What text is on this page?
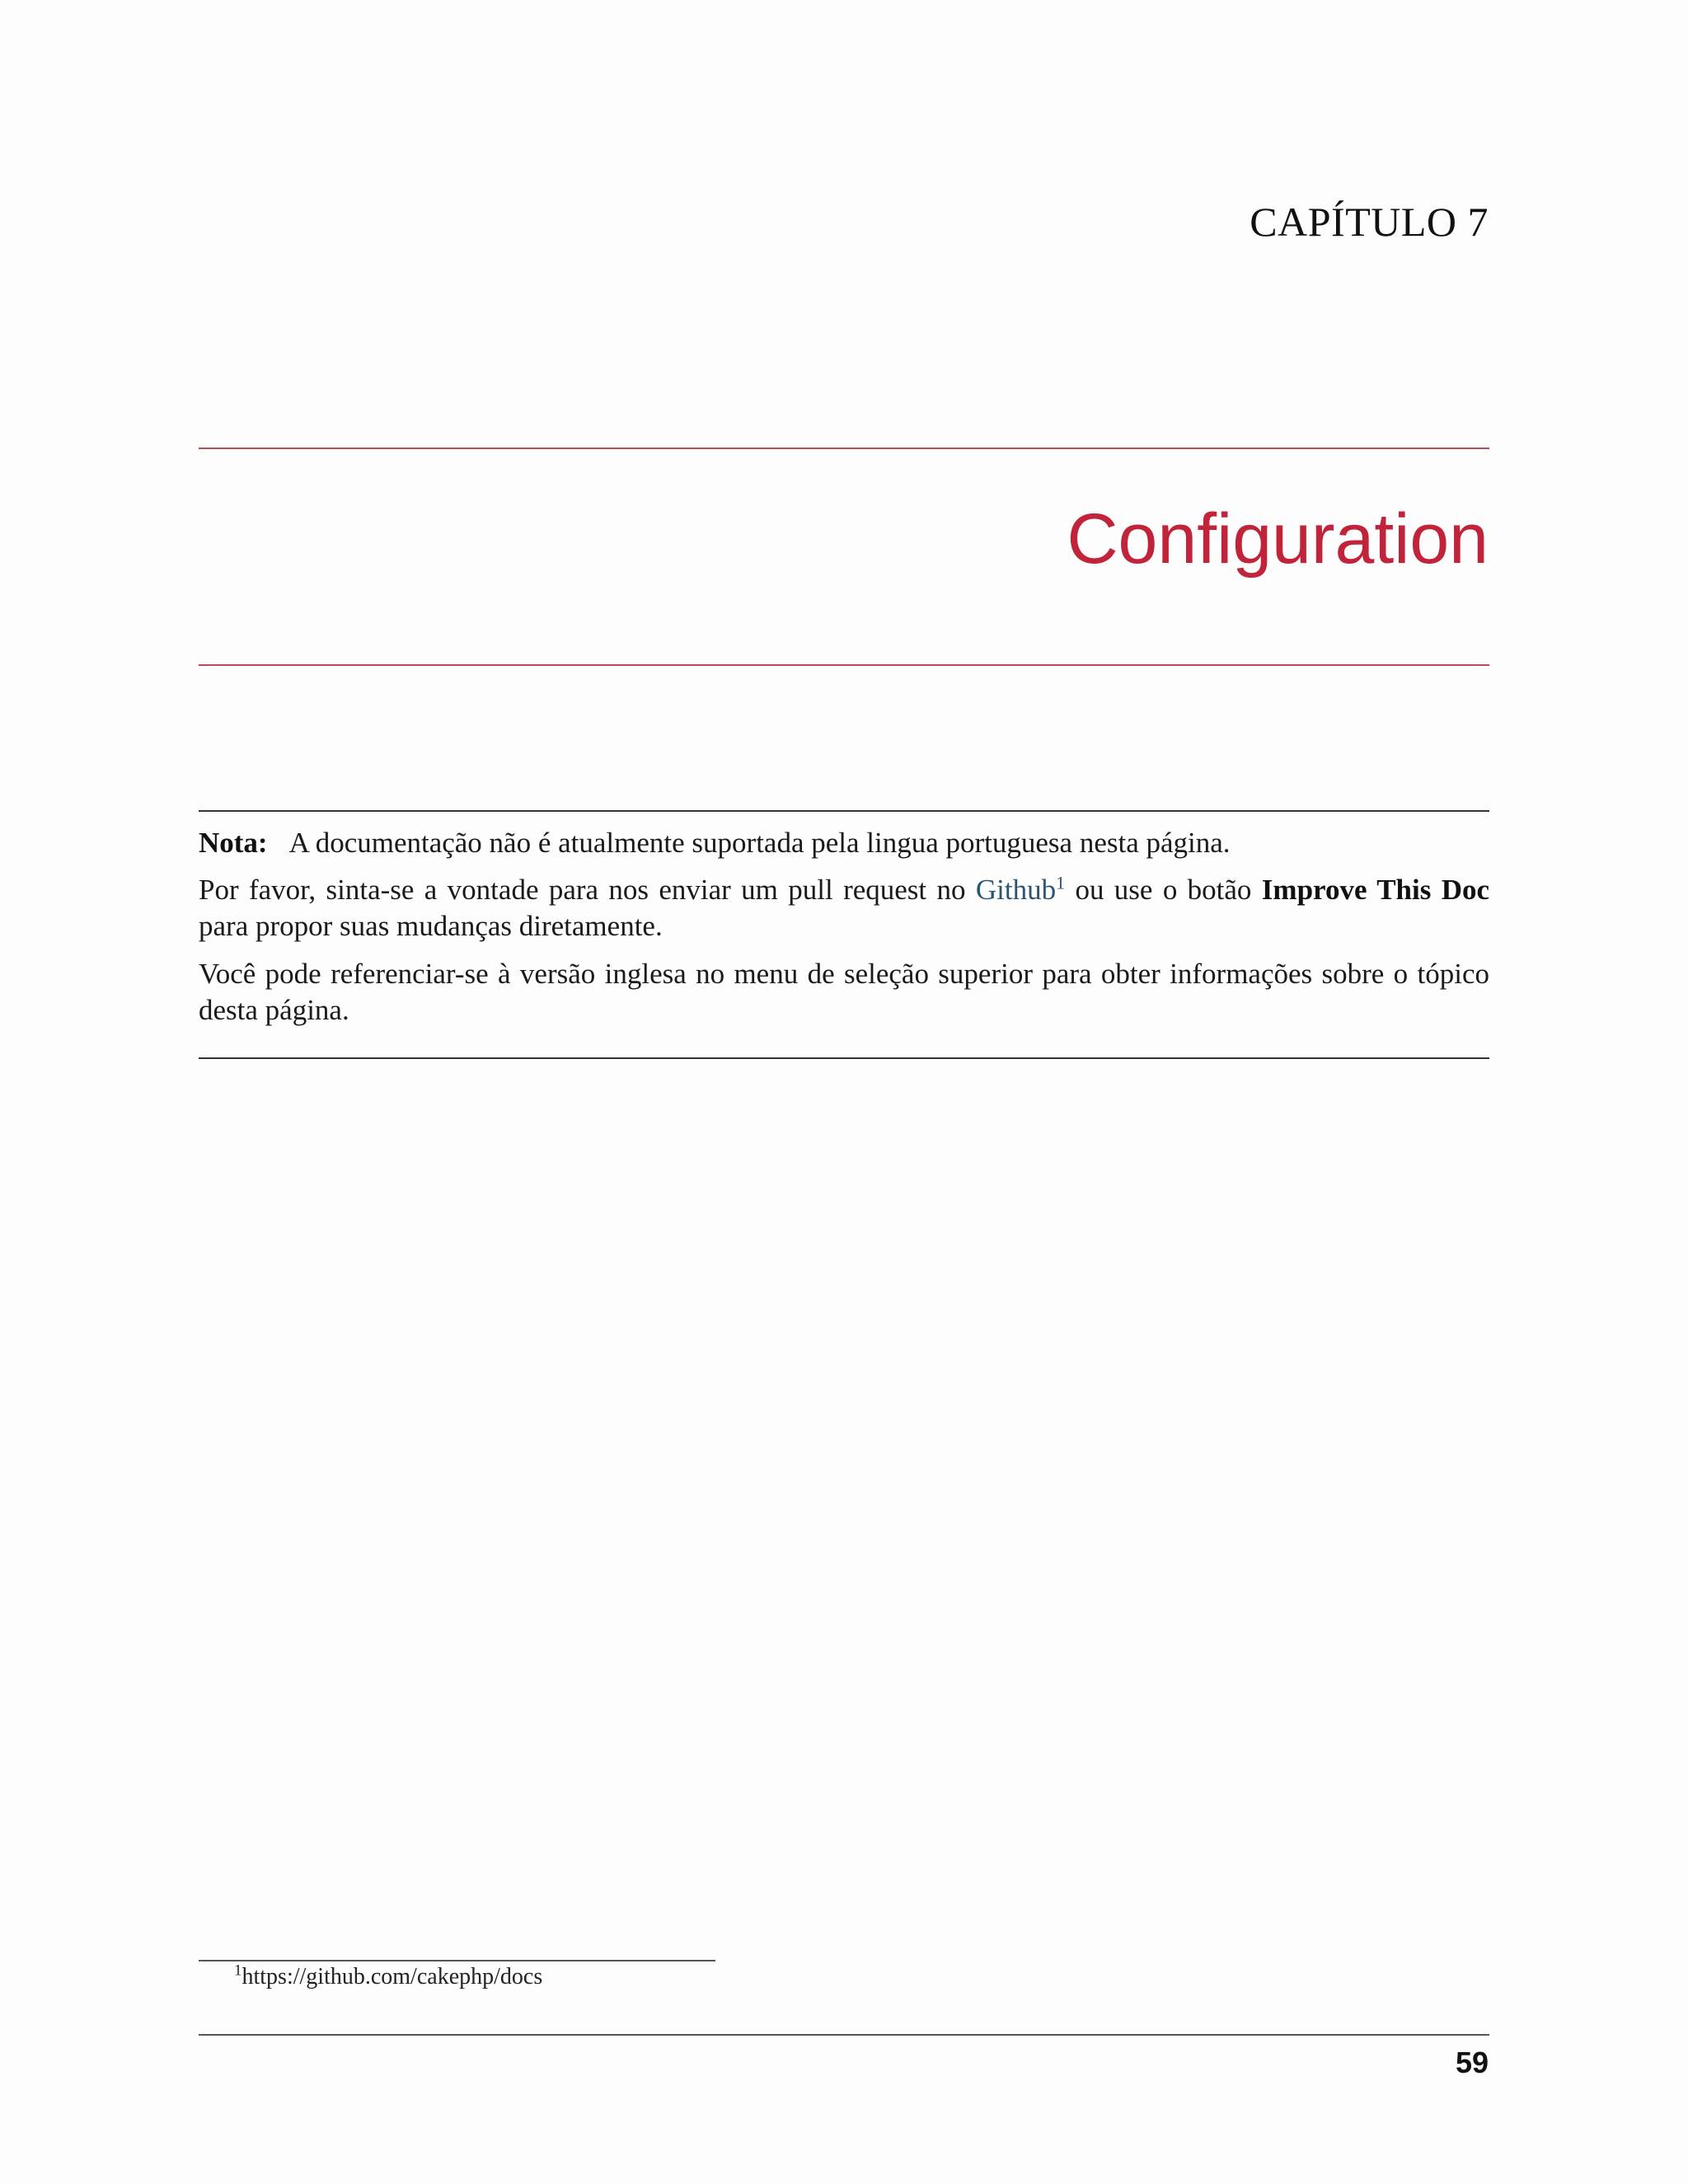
CAPÍTULO 7
Configuration
Nota: A documentação não é atualmente suportada pela lingua portuguesa nesta página.
Por favor, sinta-se a vontade para nos enviar um pull request no Github$^1$ ou use o botão Improve This Doc
para propor suas mudanças diretamente.
Você pode referenciar-se à versão inglesa no menu de seleção superior para obter informações sobre o tópico
desta página.
$^1$https://github.com/cakephp/docs
59
